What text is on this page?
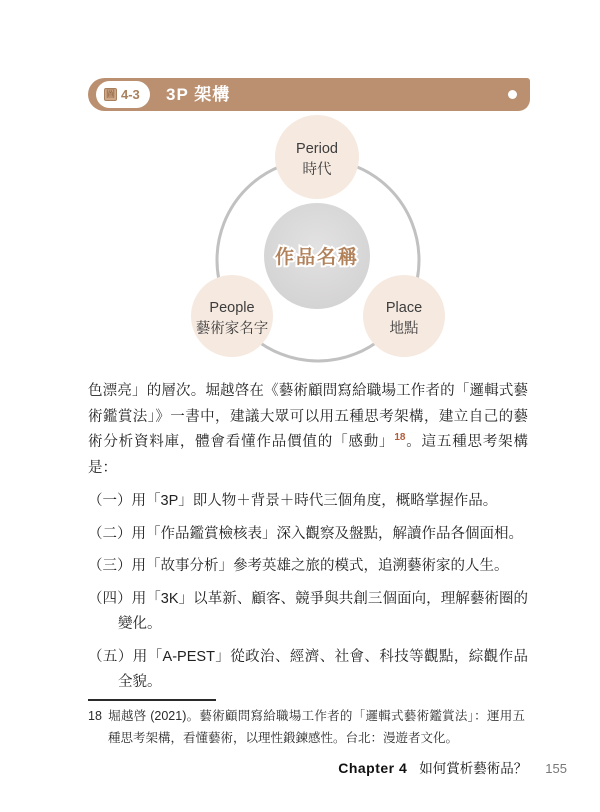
3P 架構
圖 4-3
Period
時代
People
藝術家名字
Place
地點
作品名稱

色漂亮」的層次。堀越啓在《藝術顧問寫給職場工作者的「邏輯式藝術鑑賞法」》一書中，建議大眾可以用五種思考架構，建立自己的藝術分析資料庫，體會看懂作品價值的「感動」$^{18}$。這五種思考架構是：

（一）用「3P」即人物＋背景＋時代三個角度，概略掌握作品。
（二）用「作品鑑賞檢核表」深入觀察及盤點，解讀作品各個面相。
（三）用「故事分析」參考英雄之旅的模式，追溯藝術家的人生。
（四）用「3K」以革新、顧客、競爭與共創三個面向，理解藝術圈的變化。
（五）用「A-PEST」從政治、經濟、社會、科技等觀點，綜觀作品全貌。

18 堀越啓 (2021)。藝術顧問寫給職場工作者的「邏輯式藝術鑑賞法」：運用五種思考架構，看懂藝術，以理性鍛鍊感性。台北：漫遊者文化。

Chapter 4 如何賞析藝術品？ 155
